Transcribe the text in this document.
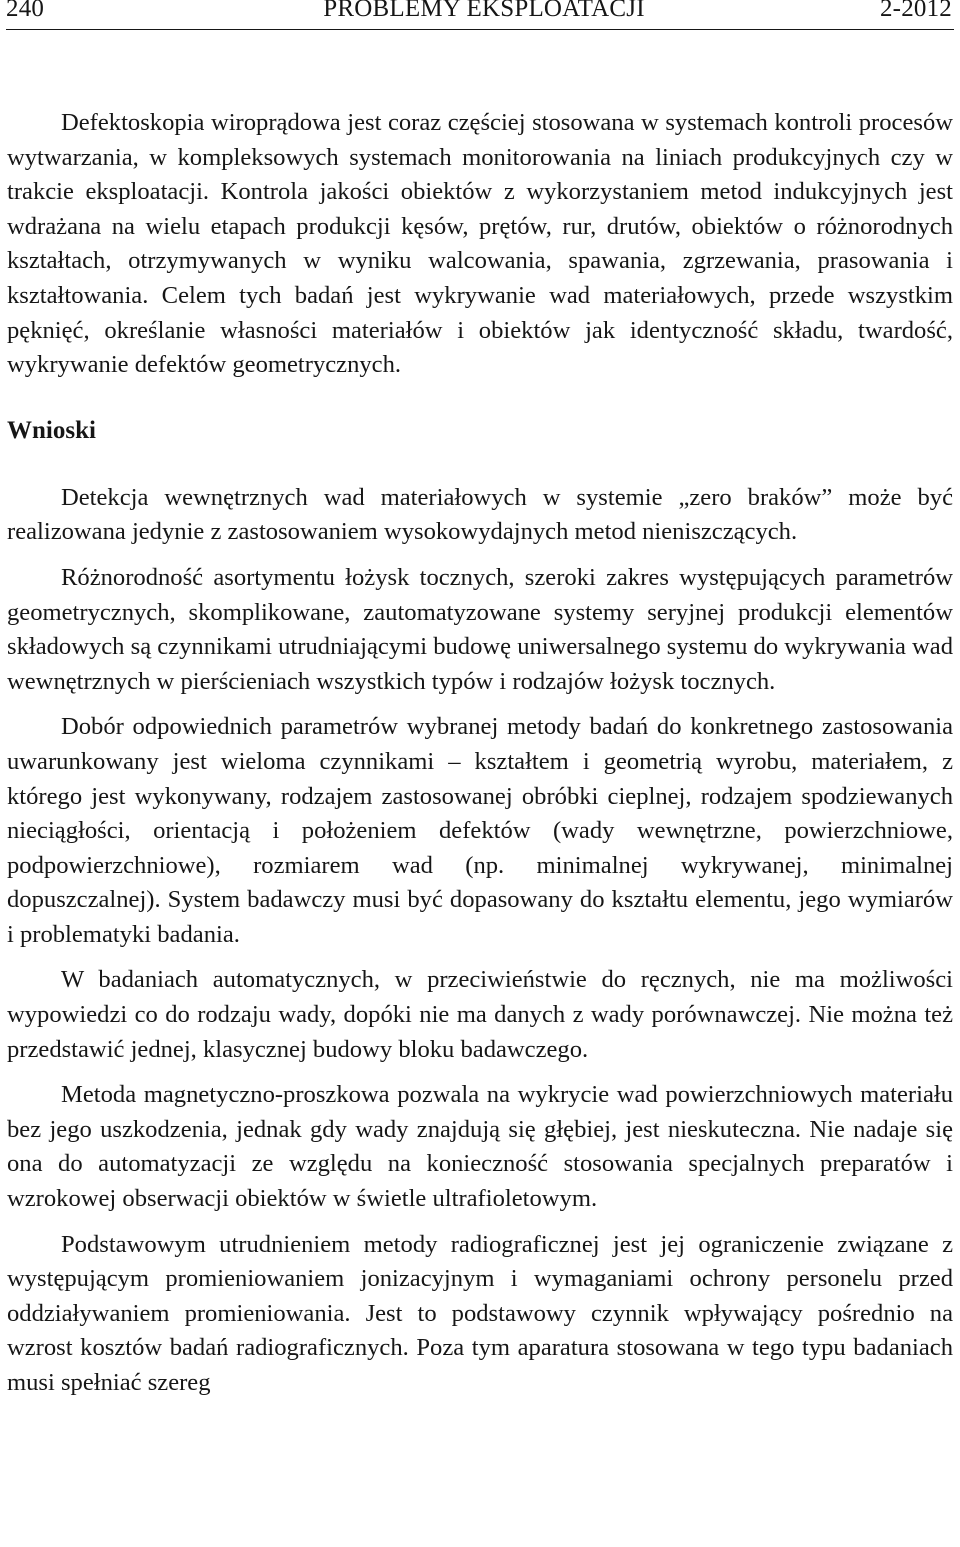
240	PROBLEMY EKSPLOATACJI	2-2012

Defektoskopia wiroprądowa jest coraz częściej stosowana w systemach kontroli procesów wytwarzania, w kompleksowych systemach monitorowania na liniach produkcyjnych czy w trakcie eksploatacji. Kontrola jakości obiektów z wykorzystaniem metod indukcyjnych jest wdrażana na wielu etapach produkcji kęsów, prętów, rur, drutów, obiektów o różnorodnych kształtach, otrzymywanych w wyniku walcowania, spawania, zgrzewania, prasowania i kształtowania. Celem tych badań jest wykrywanie wad materiałowych, przede wszystkim pęknięć, określanie własności materiałów i obiektów jak identyczność składu, twardość, wykrywanie defektów geometrycznych.

Wnioski

Detekcja wewnętrznych wad materiałowych w systemie „zero braków” może być realizowana jedynie z zastosowaniem wysokowydajnych metod nieniszczących.

Różnorodność asortymentu łożysk tocznych, szeroki zakres występujących parametrów geometrycznych, skomplikowane, zautomatyzowane systemy seryjnej produkcji elementów składowych są czynnikami utrudniającymi budowę uniwersalnego systemu do wykrywania wad wewnętrznych w pierścieniach wszystkich typów i rodzajów łożysk tocznych.

Dobór odpowiednich parametrów wybranej metody badań do konkretnego zastosowania uwarunkowany jest wieloma czynnikami – kształtem i geometrią wyrobu, materiałem, z którego jest wykonywany, rodzajem zastosowanej obróbki cieplnej, rodzajem spodziewanych nieciągłości, orientacją i położeniem defektów (wady wewnętrzne, powierzchniowe, podpowierzchniowe), rozmiarem wad (np. minimalnej wykrywanej, minimalnej dopuszczalnej). System badawczy musi być dopasowany do kształtu elementu, jego wymiarów i problematyki badania.

W badaniach automatycznych, w przeciwieństwie do ręcznych, nie ma możliwości wypowiedzi co do rodzaju wady, dopóki nie ma danych z wady porównawczej. Nie można też przedstawić jednej, klasycznej budowy bloku badawczego.

Metoda magnetyczno-proszkowa pozwala na wykrycie wad powierzchniowych materiału bez jego uszkodzenia, jednak gdy wady znajdują się głębiej, jest nieskuteczna. Nie nadaje się ona do automatyzacji ze względu na konieczność stosowania specjalnych preparatów i wzrokowej obserwacji obiektów w świetle ultrafioletowym.

Podstawowym utrudnieniem metody radiograficznej jest jej ograniczenie związane z występującym promieniowaniem jonizacyjnym i wymaganiami ochrony personelu przed oddziaływaniem promieniowania. Jest to podstawowy czynnik wpływający pośrednio na wzrost kosztów badań radiograficznych. Poza tym aparatura stosowana w tego typu badaniach musi spełniać szereg
